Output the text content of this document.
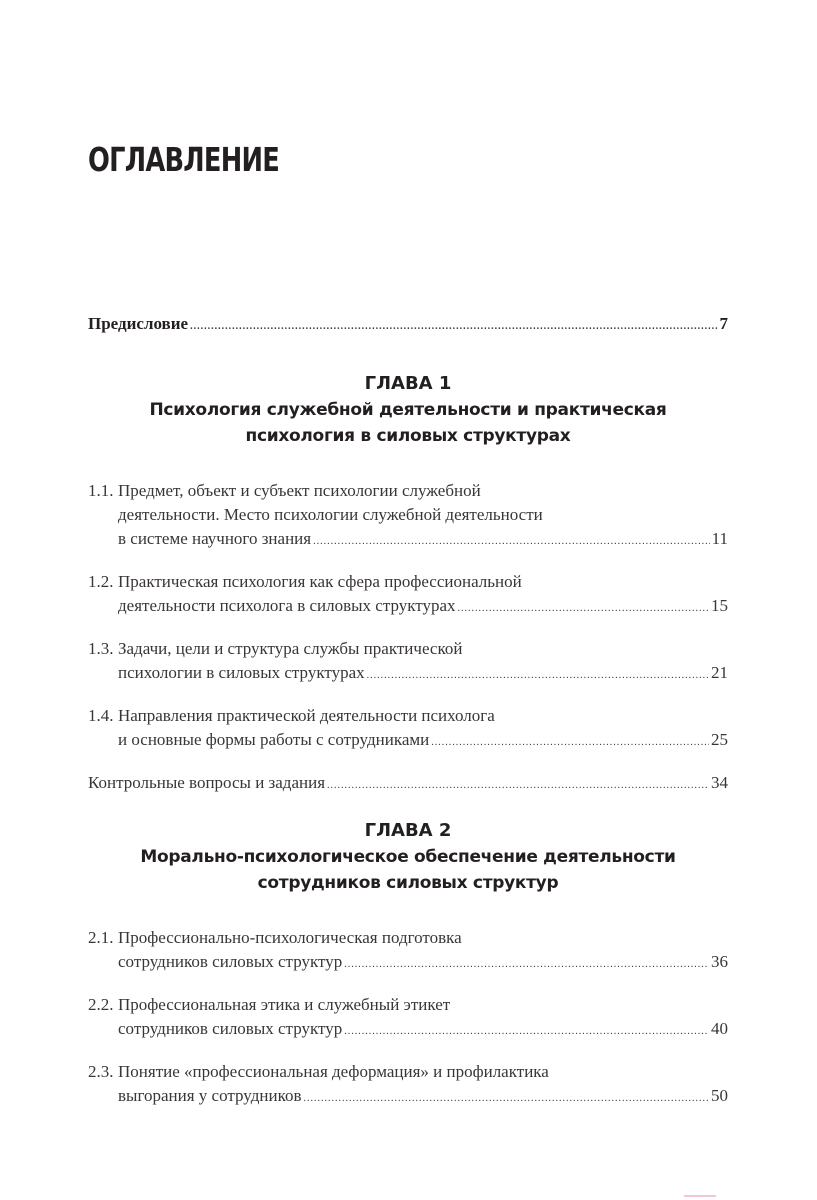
ОГЛАВЛЕНИЕ
Предисловие .....	7
ГЛАВА 1
Психология служебной деятельности и практическая
психология в силовых структурах
1.1. Предмет, объект и субъект психологии служебной
деятельности. Место психологии служебной деятельности
в системе научного знания .....	11
1.2. Практическая психология как сфера профессиональной
деятельности психолога в силовых структурах .....	15
1.3. Задачи, цели и структура службы практической
психологии в силовых структурах .....	21
1.4. Направления практической деятельности психолога
и основные формы работы с сотрудниками .....	25
Контрольные вопросы и задания .....	34
ГЛАВА 2
Морально-психологическое обеспечение деятельности
сотрудников силовых структур
2.1. Профессионально-психологическая подготовка
сотрудников силовых структур .....	36
2.2. Профессиональная этика и служебный этикет
сотрудников силовых структур .....	40
2.3. Понятие «профессиональная деформация» и профилактика
выгорания у сотрудников .....	50
